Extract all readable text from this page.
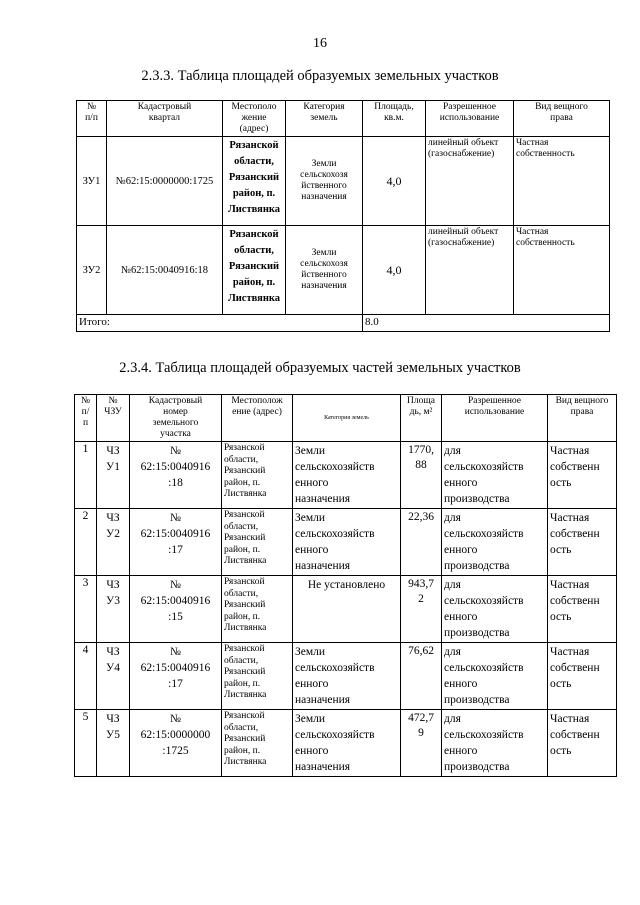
16
2.3.3. Таблица площадей образуемых земельных участков
№
п/п	Кадастровый
квартал	Местополо
жение
(адрес)	Категория
земель	Площадь,
кв.м.	Разрешенное
использование	Вид вещного
права
ЗУ1	№62:15:0000000:1725	Рязанской
области,
Рязанский
район, п.
Листвянка	Земли
сельскохозя
йственного
назначения	4,0	линейный объект
(газоснабжение)	Частная
собственность
ЗУ2	№62:15:0040916:18	Рязанской
области,
Рязанский
район, п.
Листвянка	Земли
сельскохозя
йственного
назначения	4,0	линейный объект
(газоснабжение)	Частная
собственность
Итого:				8.0		
2.3.4. Таблица площадей образуемых частей земельных участков
№
п/
п	№
ЧЗУ	Кадастровый
номер
земельного
участка	Местополож
ение (адрес)	Категория земель	Площа
дь, м²	Разрешенное
использование	Вид вещного
права
1	ЧЗ
У1	№
62:15:0040916
:18	Рязанской
области,
Рязанский
район, п.
Листвянка	Земли
сельскохозяйств
енного
назначения	1770,
88	для
сельскохозяйств
енного
производства	Частная
собственн
ость
2	ЧЗ
У2	№
62:15:0040916
:17	Рязанской
области,
Рязанский
район, п.
Листвянка	Земли
сельскохозяйств
енного
назначения	22,36	для
сельскохозяйств
енного
производства	Частная
собственн
ость
3	ЧЗ
У3	№
62:15:0040916
:15	Рязанской
области,
Рязанский
район, п.
Листвянка	Не установлено	943,7
2	для
сельскохозяйств
енного
производства	Частная
собственн
ость
4	ЧЗ
У4	№
62:15:0040916
:17	Рязанской
области,
Рязанский
район, п.
Листвянка	Земли
сельскохозяйств
енного
назначения	76,62	для
сельскохозяйств
енного
производства	Частная
собственн
ость
5	ЧЗ
У5	№
62:15:0000000
:1725	Рязанской
области,
Рязанский
район, п.
Листвянка	Земли
сельскохозяйств
енного
назначения	472,7
9	для
сельскохозяйств
енного
производства	Частная
собственн
ость
